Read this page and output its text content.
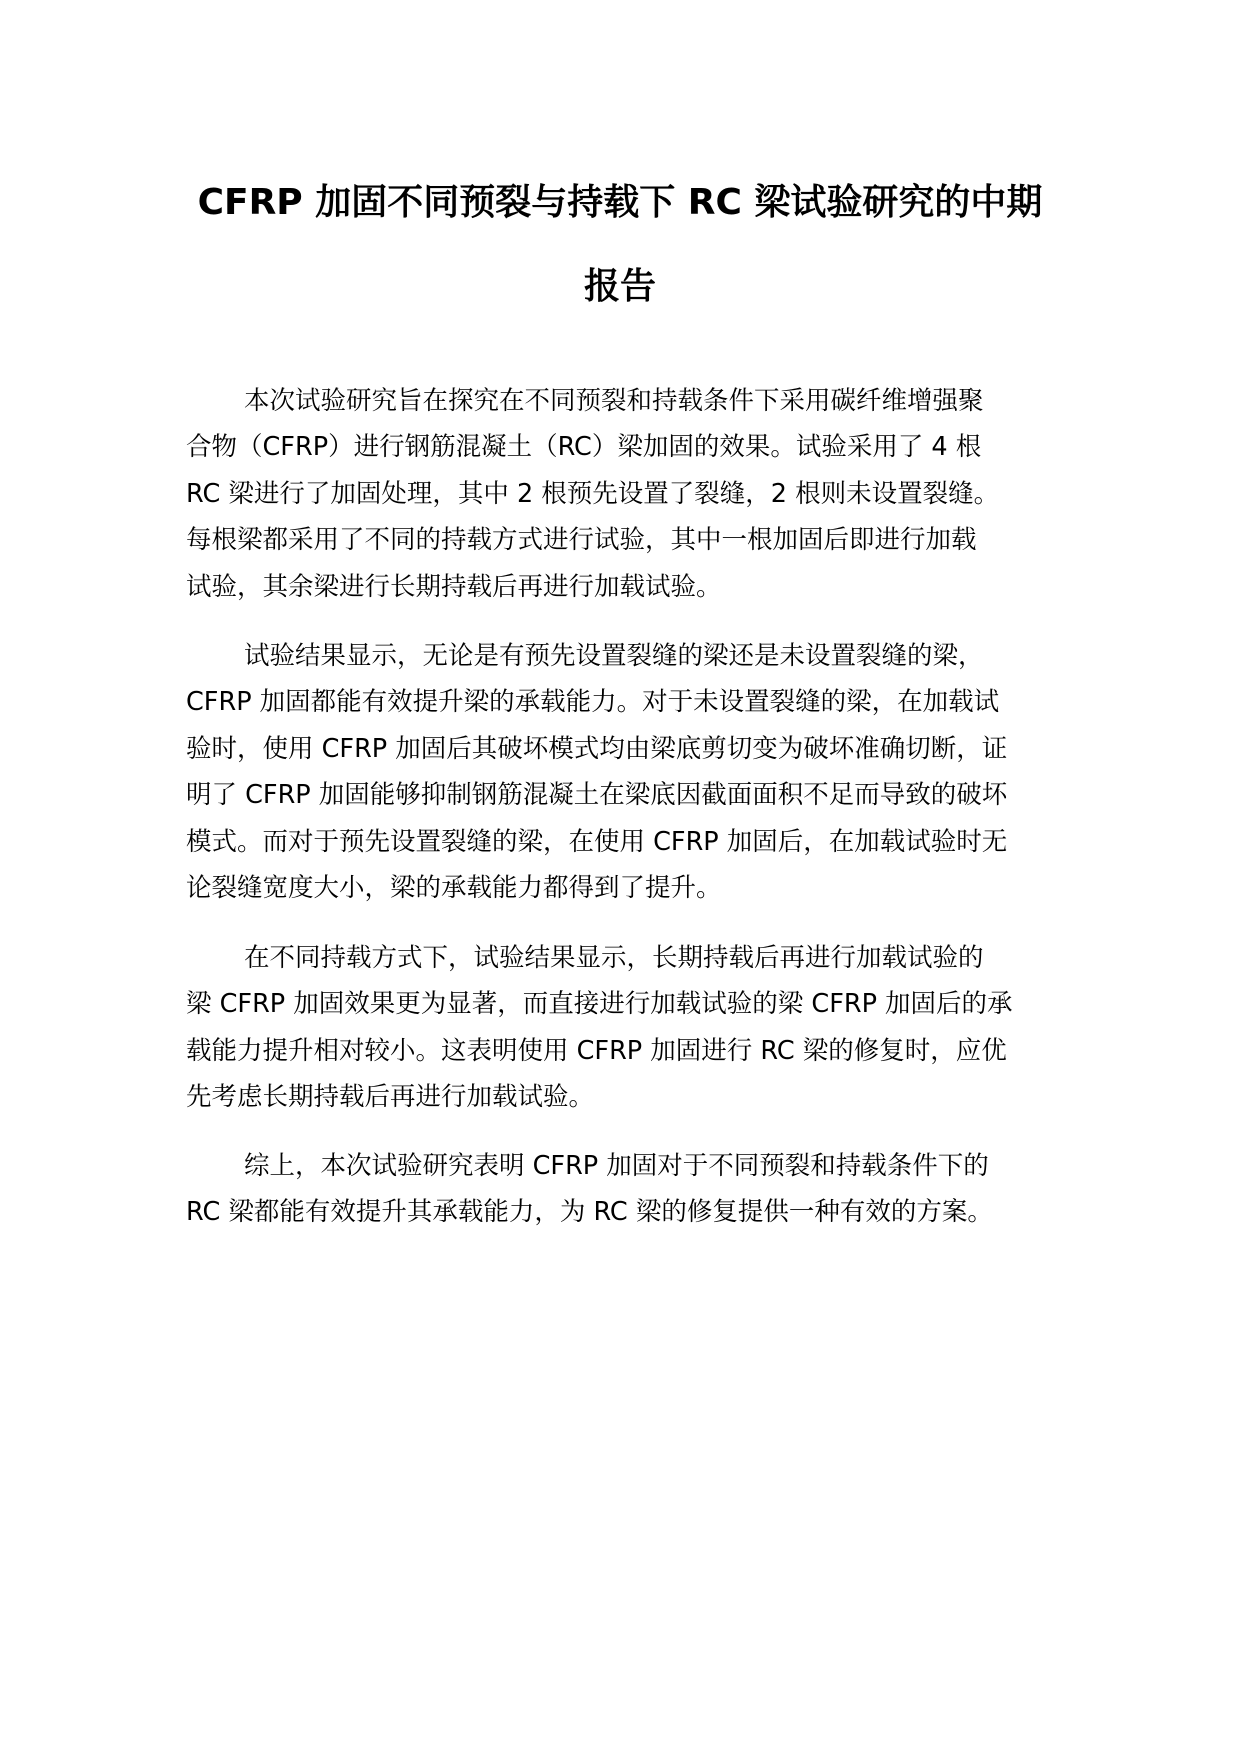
CFRP 加固不同预裂与持载下 RC 梁试验研究的中期
报告
本次试验研究旨在探究在不同预裂和持载条件下采用碳纤维增强聚
合物（CFRP）进行钢筋混凝土（RC）梁加固的效果。试验采用了 4 根
RC 梁进行了加固处理，其中 2 根预先设置了裂缝，2 根则未设置裂缝。
每根梁都采用了不同的持载方式进行试验，其中一根加固后即进行加载
试验，其余梁进行长期持载后再进行加载试验。
试验结果显示，无论是有预先设置裂缝的梁还是未设置裂缝的梁，
CFRP 加固都能有效提升梁的承载能力。对于未设置裂缝的梁，在加载试
验时，使用 CFRP 加固后其破坏模式均由梁底剪切变为破坏准确切断，证
明了 CFRP 加固能够抑制钢筋混凝土在梁底因截面面积不足而导致的破坏
模式。而对于预先设置裂缝的梁，在使用 CFRP 加固后，在加载试验时无
论裂缝宽度大小，梁的承载能力都得到了提升。
在不同持载方式下，试验结果显示，长期持载后再进行加载试验的
梁 CFRP 加固效果更为显著，而直接进行加载试验的梁 CFRP 加固后的承
载能力提升相对较小。这表明使用 CFRP 加固进行 RC 梁的修复时，应优
先考虑长期持载后再进行加载试验。
综上，本次试验研究表明 CFRP 加固对于不同预裂和持载条件下的
RC 梁都能有效提升其承载能力，为 RC 梁的修复提供一种有效的方案。
